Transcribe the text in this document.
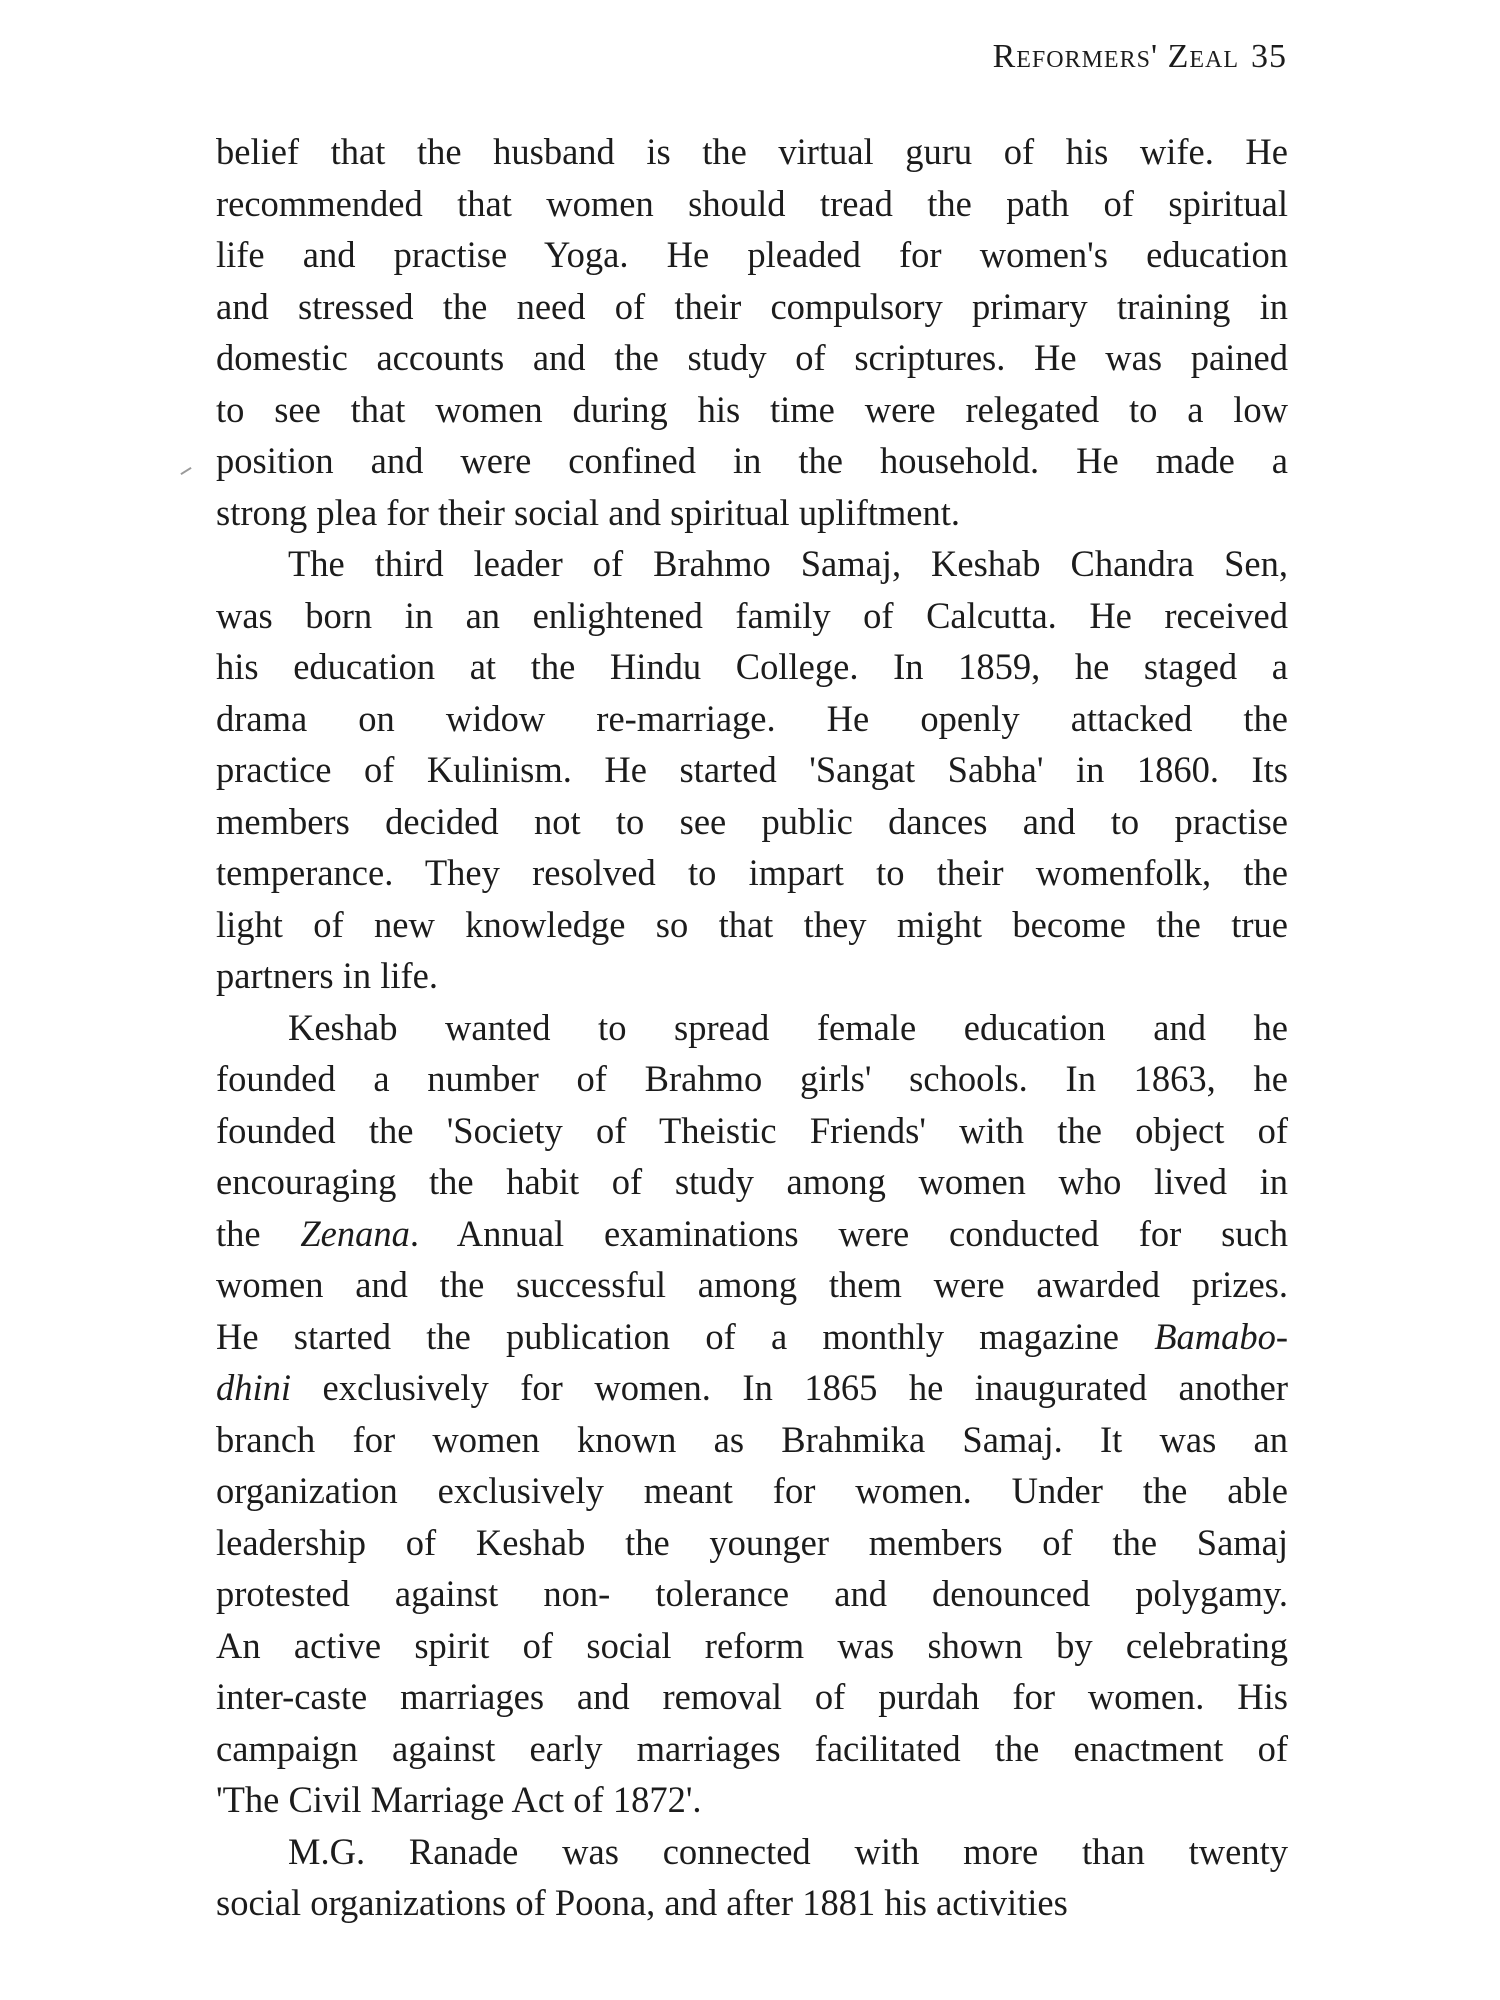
Reformers' Zeal 35
belief that the husband is the virtual guru of his wife. He
recommended that women should tread the path of spiritual
life and practise Yoga. He pleaded for women's education
and stressed the need of their compulsory primary training in
domestic accounts and the study of scriptures. He was pained
to see that women during his time were relegated to a low
position and were confined in the household. He made a
strong plea for their social and spiritual upliftment.
The third leader of Brahmo Samaj, Keshab Chandra Sen,
was born in an enlightened family of Calcutta. He received
his education at the Hindu College. In 1859, he staged a
drama on widow re-marriage. He openly attacked the
practice of Kulinism. He started 'Sangat Sabha' in 1860. Its
members decided not to see public dances and to practise
temperance. They resolved to impart to their womenfolk, the
light of new knowledge so that they might become the true
partners in life.
Keshab wanted to spread female education and he
founded a number of Brahmo girls' schools. In 1863, he
founded the 'Society of Theistic Friends' with the object of
encouraging the habit of study among women who lived in
the Zenana. Annual examinations were conducted for such
women and the successful among them were awarded prizes.
He started the publication of a monthly magazine Bamabo-
dhini exclusively for women. In 1865 he inaugurated another
branch for women known as Brahmika Samaj. It was an
organization exclusively meant for women. Under the able
leadership of Keshab the younger members of the Samaj
protested against non- tolerance and denounced polygamy.
An active spirit of social reform was shown by celebrating
inter-caste marriages and removal of purdah for women. His
campaign against early marriages facilitated the enactment of
'The Civil Marriage Act of 1872'.
M.G. Ranade was connected with more than twenty
social organizations of Poona, and after 1881 his activities
